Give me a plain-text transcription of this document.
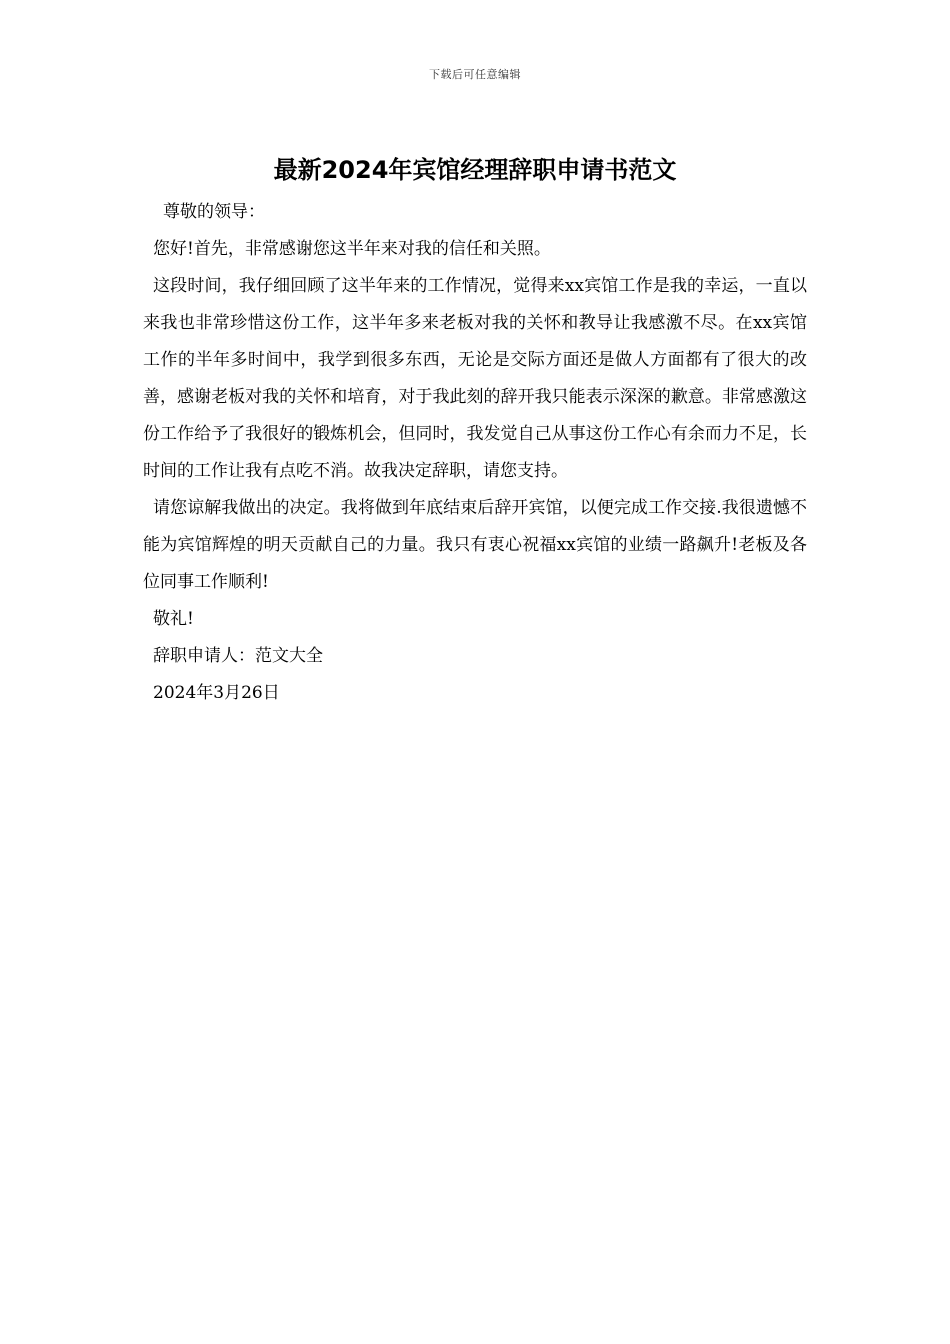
下载后可任意编辑
最新2024年宾馆经理辞职申请书范文

尊敬的领导：

您好!首先，非常感谢您这半年来对我的信任和关照。

这段时间，我仔细回顾了这半年来的工作情况，觉得来xx宾馆工作是我的幸运，一直以来我也非常珍惜这份工作，这半年多来老板对我的关怀和教导让我感激不尽。在xx宾馆工作的半年多时间中，我学到很多东西，无论是交际方面还是做人方面都有了很大的改善，感谢老板对我的关怀和培育，对于我此刻的辞开我只能表示深深的歉意。非常感激这份工作给予了我很好的锻炼机会，但同时，我发觉自己从事这份工作心有余而力不足，长时间的工作让我有点吃不消。故我决定辞职，请您支持。

请您谅解我做出的决定。我将做到年底结束后辞开宾馆，以便完成工作交接.我很遗憾不能为宾馆辉煌的明天贡献自己的力量。我只有衷心祝福xx宾馆的业绩一路飙升!老板及各位同事工作顺利!

敬礼!

辞职申请人：范文大全

2024年3月26日
